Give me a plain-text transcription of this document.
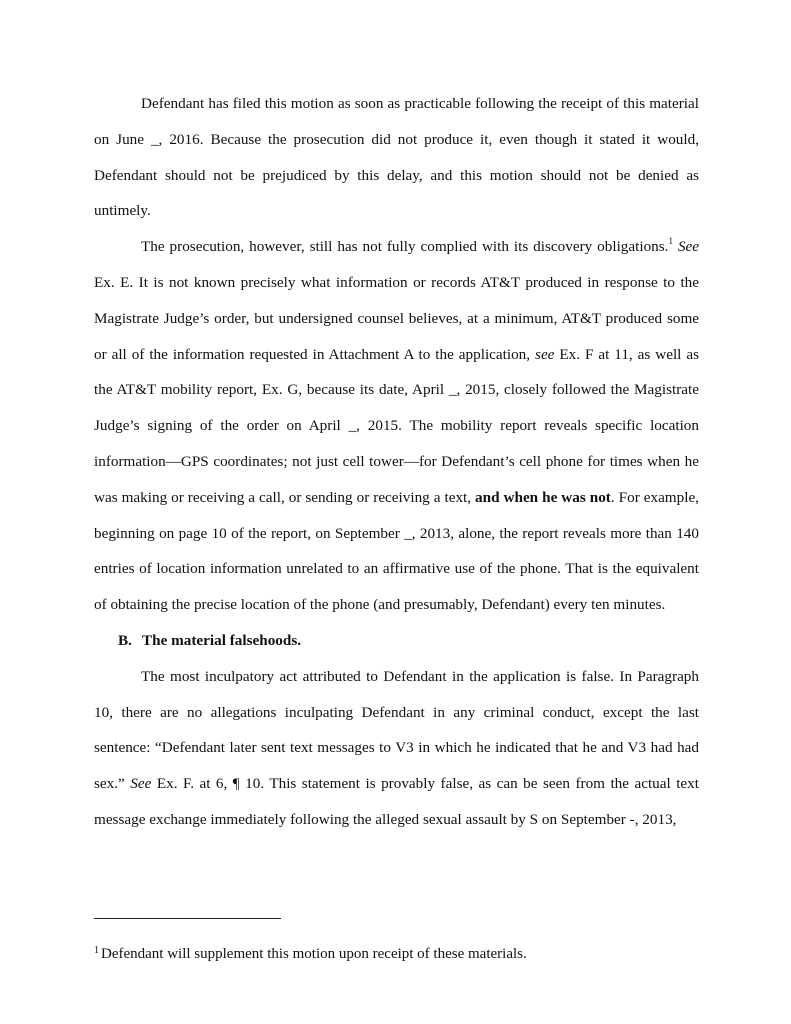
Defendant has filed this motion as soon as practicable following the receipt of this material on June _, 2016. Because the prosecution did not produce it, even though it stated it would, Defendant should not be prejudiced by this delay, and this motion should not be denied as untimely.

The prosecution, however, still has not fully complied with its discovery obligations.$^1$ See Ex. E. It is not known precisely what information or records AT&T produced in response to the Magistrate Judge’s order, but undersigned counsel believes, at a minimum, AT&T produced some or all of the information requested in Attachment A to the application, see Ex. F at 11, as well as the AT&T mobility report, Ex. G, because its date, April _, 2015, closely followed the Magistrate Judge’s signing of the order on April _, 2015. The mobility report reveals specific location information—GPS coordinates; not just cell tower—for Defendant’s cell phone for times when he was making or receiving a call, or sending or receiving a text, and when he was not. For example, beginning on page 10 of the report, on September _, 2013, alone, the report reveals more than 140 entries of location information unrelated to an affirmative use of the phone. That is the equivalent of obtaining the precise location of the phone (and presumably, Defendant) every ten minutes.

B. The material falsehoods.

The most inculpatory act attributed to Defendant in the application is false. In Paragraph 10, there are no allegations inculpating Defendant in any criminal conduct, except the last sentence: “Defendant later sent text messages to V3 in which he indicated that he and V3 had had sex.” See Ex. F. at 6, ¶ 10. This statement is provably false, as can be seen from the actual text message exchange immediately following the alleged sexual assault by S on September -, 2013,

$^1$ Defendant will supplement this motion upon receipt of these materials.
